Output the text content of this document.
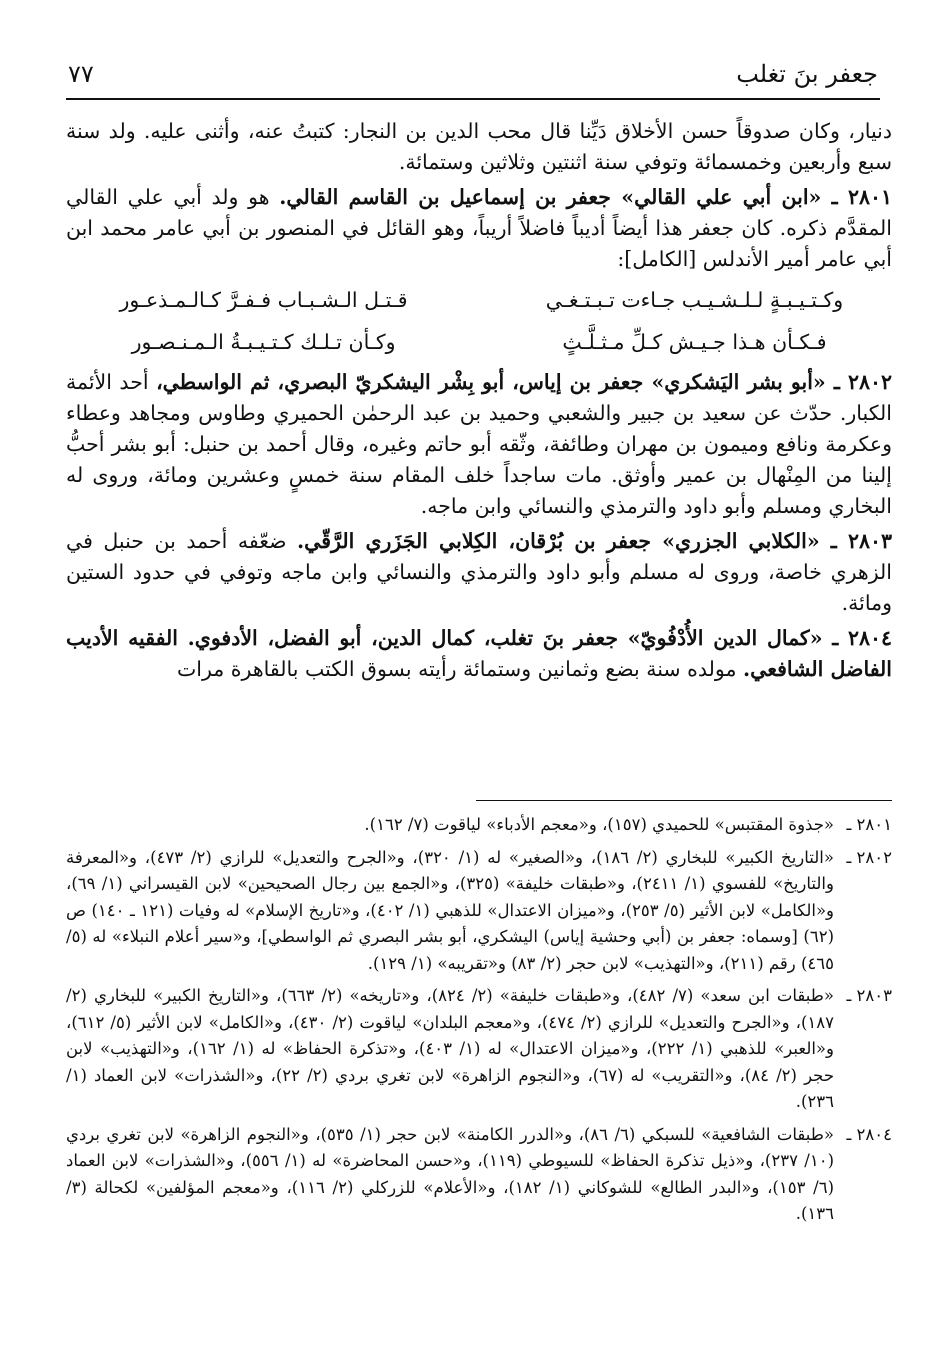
جعفر بنَ تغلب
٧٧

دنيار، وكان صدوقاً حسن الأخلاق دَيِّنا قال محب الدين بن النجار: كتبتُ عنه، وأثنى عليه. ولد سنة سبع وأربعين وخمسمائة وتوفي سنة اثنتين وثلاثين وستمائة.

٢٨٠١ ـ «ابن أبي علي القالي» جعفر بن إسماعيل بن القاسم القالي. هو ولد أبي علي القالي المقدَّم ذكره. كان جعفر هذا أيضاً أديباً فاضلاً أريباً، وهو القائل في المنصور بن أبي عامر محمد ابن أبي عامر أمير الأندلس [الكامل]:

وكـتـيـبـةٍ لـلـشـيـب جـاءت تـبـتـغـي
قـتـل الـشـبـاب فـفـرَّ كـالـمـذعـور
فـكـأن هـذا جـيـش كـلِّ مـثـلَّـثٍ
وكـأن تـلـك كـتـيـبـةُ الـمـنـصـور

٢٨٠٢ ـ «أبو بشر اليَشكري» جعفر بن إياس، أبو بِشْر اليشكريّ البصري، ثم الواسطي، أحد الأئمة الكبار. حدّث عن سعيد بن جبير والشعبي وحميد بن عبد الرحمٰن الحميري وطاوس ومجاهد وعطاء وعكرمة ونافع وميمون بن مهران وطائفة، وثّقه أبو حاتم وغيره، وقال أحمد بن حنبل: أبو بشر أحبُّ إلينا من المِنْهال بن عمير وأوثق. مات ساجداً خلف المقام سنة خمسٍ وعشرين ومائة، وروى له البخاري ومسلم وأبو داود والترمذي والنسائي وابن ماجه.

٢٨٠٣ ـ «الكلابي الجزري» جعفر بن بُرْقان، الكِلابي الجَزَري الرَّقّي. ضعّفه أحمد بن حنبل في الزهري خاصة، وروى له مسلم وأبو داود والترمذي والنسائي وابن ماجه وتوفي في حدود الستين ومائة.

٢٨٠٤ ـ «كمال الدين الأُدْفُويّ» جعفر بنَ تغلب، كمال الدين، أبو الفضل، الأدفوي. الفقيه الأديب الفاضل الشافعي. مولده سنة بضع وثمانين وستمائة رأيته بسوق الكتب بالقاهرة مرات

٢٨٠١ ـ
«جذوة المقتبس» للحميدي (١٥٧)، و«معجم الأدباء» لياقوت (٧/ ١٦٢).
٢٨٠٢ ـ
«التاريخ الكبير» للبخاري (٢/ ١٨٦)، و«الصغير» له (١/ ٣٢٠)، و«الجرح والتعديل» للرازي (٢/ ٤٧٣)، و«المعرفة والتاريخ» للفسوي (١/ ٢٤١١)، و«طبقات خليفة» (٣٢٥)، و«الجمع بين رجال الصحيحين» لابن القيسراني (١/ ٦٩)، و«الكامل» لابن الأثير (٥/ ٢٥٣)، و«ميزان الاعتدال» للذهبي (١/ ٤٠٢)، و«تاريخ الإسلام» له وفيات (١٢١ ـ ١٤٠) ص (٦٢) [وسماه: جعفر بن (أبي وحشية إياس) اليشكري، أبو بشر البصري ثم الواسطي]، و«سير أعلام النبلاء» له (٥/ ٤٦٥) رقم (٢١١)، و«التهذيب» لابن حجر (٢/ ٨٣) و«تقريبه» (١/ ١٢٩).
٢٨٠٣ ـ
«طبقات ابن سعد» (٧/ ٤٨٢)، و«طبقات خليفة» (٢/ ٨٢٤)، و«تاريخه» (٢/ ٦٦٣)، و«التاريخ الكبير» للبخاري (٢/ ١٨٧)، و«الجرح والتعديل» للرازي (٢/ ٤٧٤)، و«معجم البلدان» لياقوت (٢/ ٤٣٠)، و«الكامل» لابن الأثير (٥/ ٦١٢)، و«العبر» للذهبي (١/ ٢٢٢)، و«ميزان الاعتدال» له (١/ ٤٠٣)، و«تذكرة الحفاظ» له (١/ ١٦٢)، و«التهذيب» لابن حجر (٢/ ٨٤)، و«التقريب» له (٦٧)، و«النجوم الزاهرة» لابن تغري بردي (٢/ ٢٢)، و«الشذرات» لابن العماد (١/ ٢٣٦).
٢٨٠٤ ـ
«طبقات الشافعية» للسبكي (٦/ ٨٦)، و«الدرر الكامنة» لابن حجر (١/ ٥٣٥)، و«النجوم الزاهرة» لابن تغري بردي (١٠/ ٢٣٧)، و«ذيل تذكرة الحفاظ» للسيوطي (١١٩)، و«حسن المحاضرة» له (١/ ٥٥٦)، و«الشذرات» لابن العماد (٦/ ١٥٣)، و«البدر الطالع» للشوكاني (١/ ١٨٢)، و«الأعلام» للزركلي (٢/ ١١٦)، و«معجم المؤلفين» لكحالة (٣/ ١٣٦).
